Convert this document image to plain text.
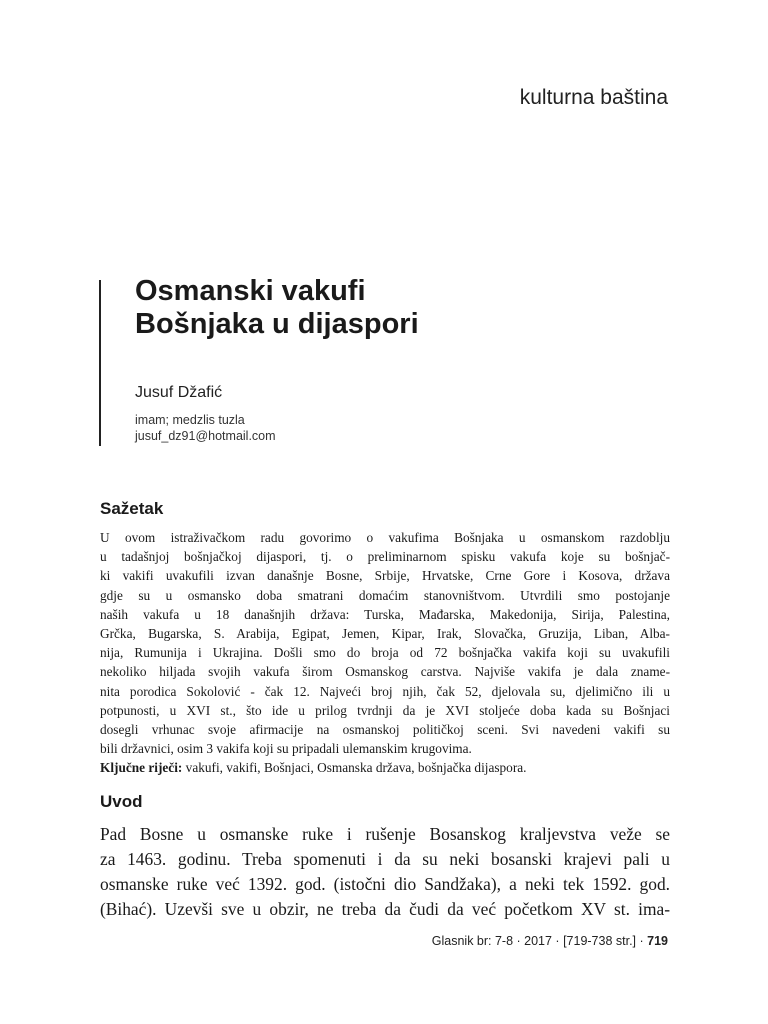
kulturna baština
Osmanski vakufi
Bošnjaka u dijaspori
Jusuf Džafić
imam; medzlis tuzla
jusuf_dz91@hotmail.com
Sažetak
U ovom istraživačkom radu govorimo o vakufima Bošnjaka u osmanskom razdoblju
u tadašnjoj bošnjačkoj dijaspori, tj. o preliminarnom spisku vakufa koje su bošnjač-
ki vakifi uvakufili izvan današnje Bosne, Srbije, Hrvatske, Crne Gore i Kosova, država
gdje su u osmansko doba smatrani domaćim stanovništvom. Utvrdili smo postojanje
naših vakufa u 18 današnjih država: Turska, Mađarska, Makedonija, Sirija, Palestina,
Grčka, Bugarska, S. Arabija, Egipat, Jemen, Kipar, Irak, Slovačka, Gruzija, Liban, Alba-
nija, Rumunija i Ukrajina. Došli smo do broja od 72 bošnjačka vakifa koji su uvakufili
nekoliko hiljada svojih vakufa širom Osmanskog carstva. Najviše vakifa je dala zname-
nita porodica Sokolović - čak 12. Najveći broj njih, čak 52, djelovala su, djelimično ili u
potpunosti, u XVI st., što ide u prilog tvrdnji da je XVI stoljeće doba kada su Bošnjaci
dosegli vrhunac svoje afirmacije na osmanskoj političkoj sceni. Svi navedeni vakifi su
bili državnici, osim 3 vakifa koji su pripadali ulemanskim krugovima.
Ključne riječi: vakufi, vakifi, Bošnjaci, Osmanska država, bošnjačka dijaspora.
Uvod
Pad Bosne u osmanske ruke i rušenje Bosanskog kraljevstva veže se
za 1463. godinu. Treba spomenuti i da su neki bosanski krajevi pali u
osmanske ruke već 1392. god. (istočni dio Sandžaka), a neki tek 1592. god.
(Bihać). Uzevši sve u obzir, ne treba da čudi da već početkom XV st. ima-
Glasnik br: 7-8 · 2017 · [719-738 str.] · 719
